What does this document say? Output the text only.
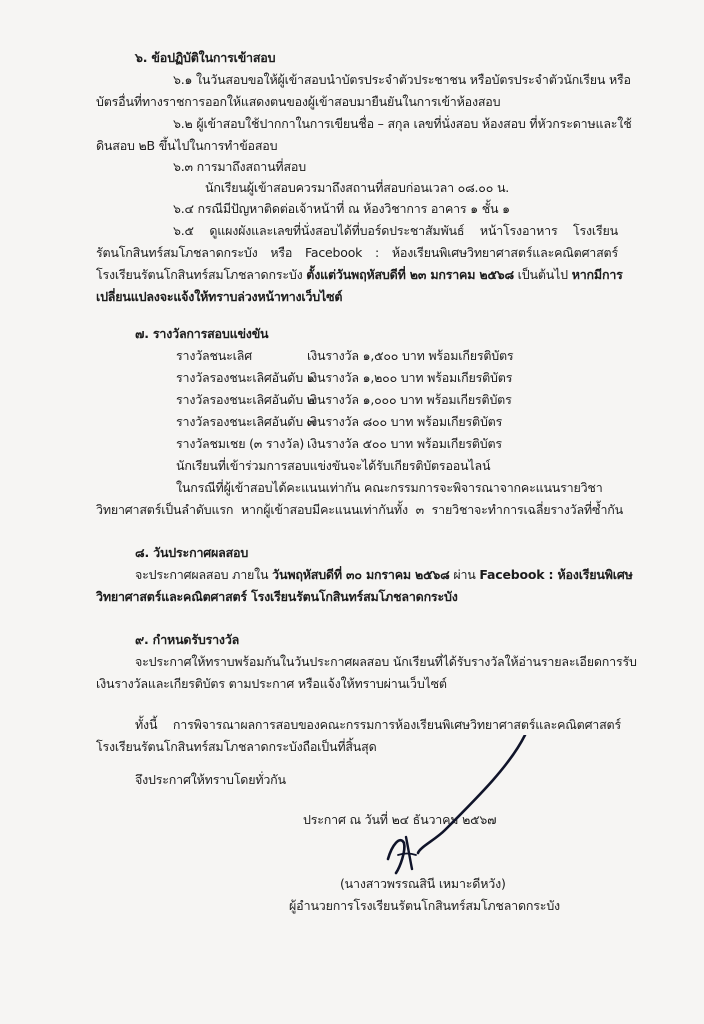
๖. ข้อปฏิบัติในการเข้าสอบ
๖.๑ ในวันสอบขอให้ผู้เข้าสอบนำบัตรประจำตัวประชาชน หรือบัตรประจำตัวนักเรียน หรือ
บัตรอื่นที่ทางราชการออกให้แสดงตนของผู้เข้าสอบมายืนยันในการเข้าห้องสอบ
๖.๒ ผู้เข้าสอบใช้ปากกาในการเขียนชื่อ – สกุล เลขที่นั่งสอบ ห้องสอบ ที่หัวกระดาษและใช้
ดินสอบ ๒B ขึ้นไปในการทำข้อสอบ
๖.๓ การมาถึงสถานที่สอบ
นักเรียนผู้เข้าสอบควรมาถึงสถานที่สอบก่อนเวลา ๐๘.๐๐ น.
๖.๔ กรณีมีปัญหาติดต่อเจ้าหน้าที่ ณ ห้องวิชาการ อาคาร ๑ ชั้น ๑
๖.๕ ดูแผงผังและเลขที่นั่งสอบได้ที่บอร์ดประชาสัมพันธ์ หน้าโรงอาหาร โรงเรียน
รัตนโกสินทร์สมโภชลาดกระบัง หรือ Facebook : ห้องเรียนพิเศษวิทยาศาสตร์และคณิตศาสตร์
โรงเรียนรัตนโกสินทร์สมโภชลาดกระบัง ตั้งแต่วันพฤหัสบดีที่ ๒๓ มกราคม ๒๕๖๘ เป็นต้นไป หากมีการ
เปลี่ยนแปลงจะแจ้งให้ทราบล่วงหน้าทางเว็บไซต์
๗. รางวัลการสอบแข่งขัน
รางวัลชนะเลิศ	เงินรางวัล ๑,๕๐๐ บาท พร้อมเกียรติบัตร
รางวัลรองชนะเลิศอันดับ ๑
เงินรางวัล ๑,๒๐๐ บาท พร้อมเกียรติบัตร
รางวัลรองชนะเลิศอันดับ ๒
เงินรางวัล ๑,๐๐๐ บาท พร้อมเกียรติบัตร
รางวัลรองชนะเลิศอันดับ ๓
เงินรางวัล ๘๐๐ บาท พร้อมเกียรติบัตร
รางวัลชมเชย (๓ รางวัล) เงินรางวัล ๕๐๐ บาท พร้อมเกียรติบัตร
นักเรียนที่เข้าร่วมการสอบแข่งขันจะได้รับเกียรติบัตรออนไลน์
ในกรณีที่ผู้เข้าสอบได้คะแนนเท่ากัน คณะกรรมการจะพิจารณาจากคะแนนรายวิชา
วิทยาศาสตร์เป็นลำดับแรก หากผู้เข้าสอบมีคะแนนเท่ากันทั้ง ๓ รายวิชาจะทำการเฉลี่ยรางวัลที่ซ้ำกัน
๘. วันประกาศผลสอบ
จะประกาศผลสอบ ภายใน วันพฤหัสบดีที่ ๓๐ มกราคม ๒๕๖๘ ผ่าน Facebook : ห้องเรียนพิเศษ
วิทยาศาสตร์และคณิตศาสตร์ โรงเรียนรัตนโกสินทร์สมโภชลาดกระบัง
๙. กำหนดรับรางวัล
จะประกาศให้ทราบพร้อมกันในวันประกาศผลสอบ นักเรียนที่ได้รับรางวัลให้อ่านรายละเอียดการรับ
เงินรางวัลและเกียรติบัตร ตามประกาศ หรือแจ้งให้ทราบผ่านเว็บไซต์
ทั้งนี้ การพิจารณาผลการสอบของคณะกรรมการห้องเรียนพิเศษวิทยาศาสตร์และคณิตศาสตร์
โรงเรียนรัตนโกสินทร์สมโภชลาดกระบังถือเป็นที่สิ้นสุด
จึงประกาศให้ทราบโดยทั่วกัน
ประกาศ ณ วันที่ ๒๔ ธันวาคม ๒๕๖๗
(นางสาวพรรณสินี เหมาะดีหวัง)
ผู้อำนวยการโรงเรียนรัตนโกสินทร์สมโภชลาดกระบัง
